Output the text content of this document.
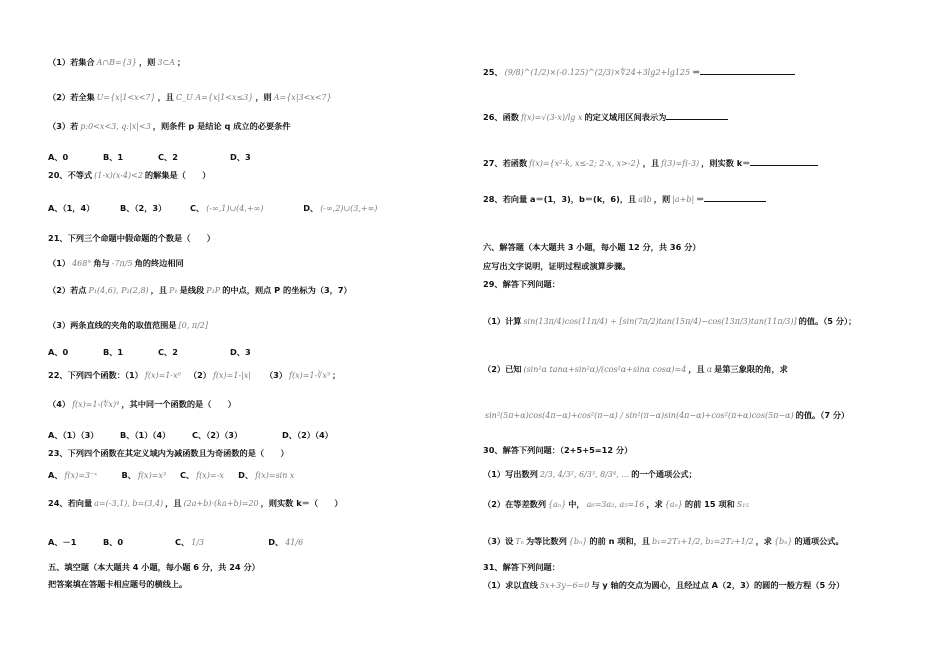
（1）若集合 A∩B={3} ，则 3⊂A ；
（2）若全集 U={x|1<x<7} ，且 C_U A={x|1<x≤3} ，则 A={x|3<x<7}
（3）若 p:0<x<3, q:|x|<3 ，则条件 p 是结论 q 成立的必要条件
A、0	B、1	C、2	D、3
20、不等式 (1-x)(x-4)<2 的解集是（　　）
A、（1，4）	B、（2，3）	C、 (-∞,1)∪(4,+∞)	D、 (-∞,2)∪(3,+∞)
21、下列三个命题中假命题的个数是（　　）
（1） 468° 角与 -7π/5 角的终边相同
（2）若点 P₁(4,6), P₂(2,8) ，且 P₁ 是线段 P₁P 的中点，则点 P 的坐标为（3，7）
（3）两条直线的夹角的取值范围是 [0, π/2]
A、0	B、1	C、2	D、3
22、下列四个函数：（1） f(x)=1-x⁰ （2） f(x)=1-|x| （3） f(x)=1-∛x³ ；
（4） f(x)=1-(∜x)⁴ ，其中同一个函数的是（　　）
A、（1）（3）	B、（1）（4）	C、（2）（3）	D、（2）（4）
23、下列四个函数在其定义域内为减函数且为奇函数的是（　　）
A、 f(x)=3⁻ˣ	B、 f(x)=x³ C、 f(x)=-x D、 f(x)=sin x
24、若向量 a=(-3,1), b=(3,4) ，且 (2a+b)·(ka+b)=20 ，则实数 k＝（　　）
A、－1	B、0	C、 1/3	D、 41/6
五、填空题（本大题共 4 小题，每小题 6 分，共 24 分）
把答案填在答题卡相应题号的横线上。
25、 (9/8)^(1/2)×(-0.125)^(2/3)×∜24+3lg2+lg125 ＝
26、函数 f(x)=√(3-x)/lg x 的定义域用区间表示为
27、若函数 f(x)={x²-k, x≤-2; 2-x, x>-2} ，且 f(3)=f(-3) ，则实数 k＝
28、若向量 a＝(1，3)，b＝(k，6)，且 a∥b ，则 |a+b| ＝
六、解答题（本大题共 3 小题，每小题 12 分，共 36 分）
应写出文字说明，证明过程或演算步骤。
29、解答下列问题：
（1）计算 sin(13π/4)cos(11π/4) ÷ [sin(7π/2)tan(15π/4)−cos(13π/3)tan(11π/3)] 的值。（5 分）；
（2）已知 (sin²α tanα+sin²α)/(cos²α+sinα cosα)=4 ，且 α 是第三象限的角，求
sin²(5π+α)cos(4π−α)+cos²(π−α) / sin²(π−α)sin(4π−α)+cos²(π+α)cos(5π−α) 的值。（7 分）
30、解答下列问题：（2+5+5=12 分）
（1）写出数列 2/3, 4/3², 6/3³, 8/3⁴, … 的一个通项公式；
（2）在等差数列 {aₙ} 中， a₆=3a₂, a₅=16 ，求 {aₙ} 的前 15 项和 S₁₅
（3）设 Tₙ 为等比数列 {bₙ} 的前 n 项和，且 b₁=2T₁+1/2, b₂=2T₂+1/2 ，求 {bₙ} 的通项公式。
31、解答下列问题：
（1）求以直线 5x+3y−6=0 与 y 轴的交点为圆心，且经过点 A（2，3）的圆的一般方程（5 分）
